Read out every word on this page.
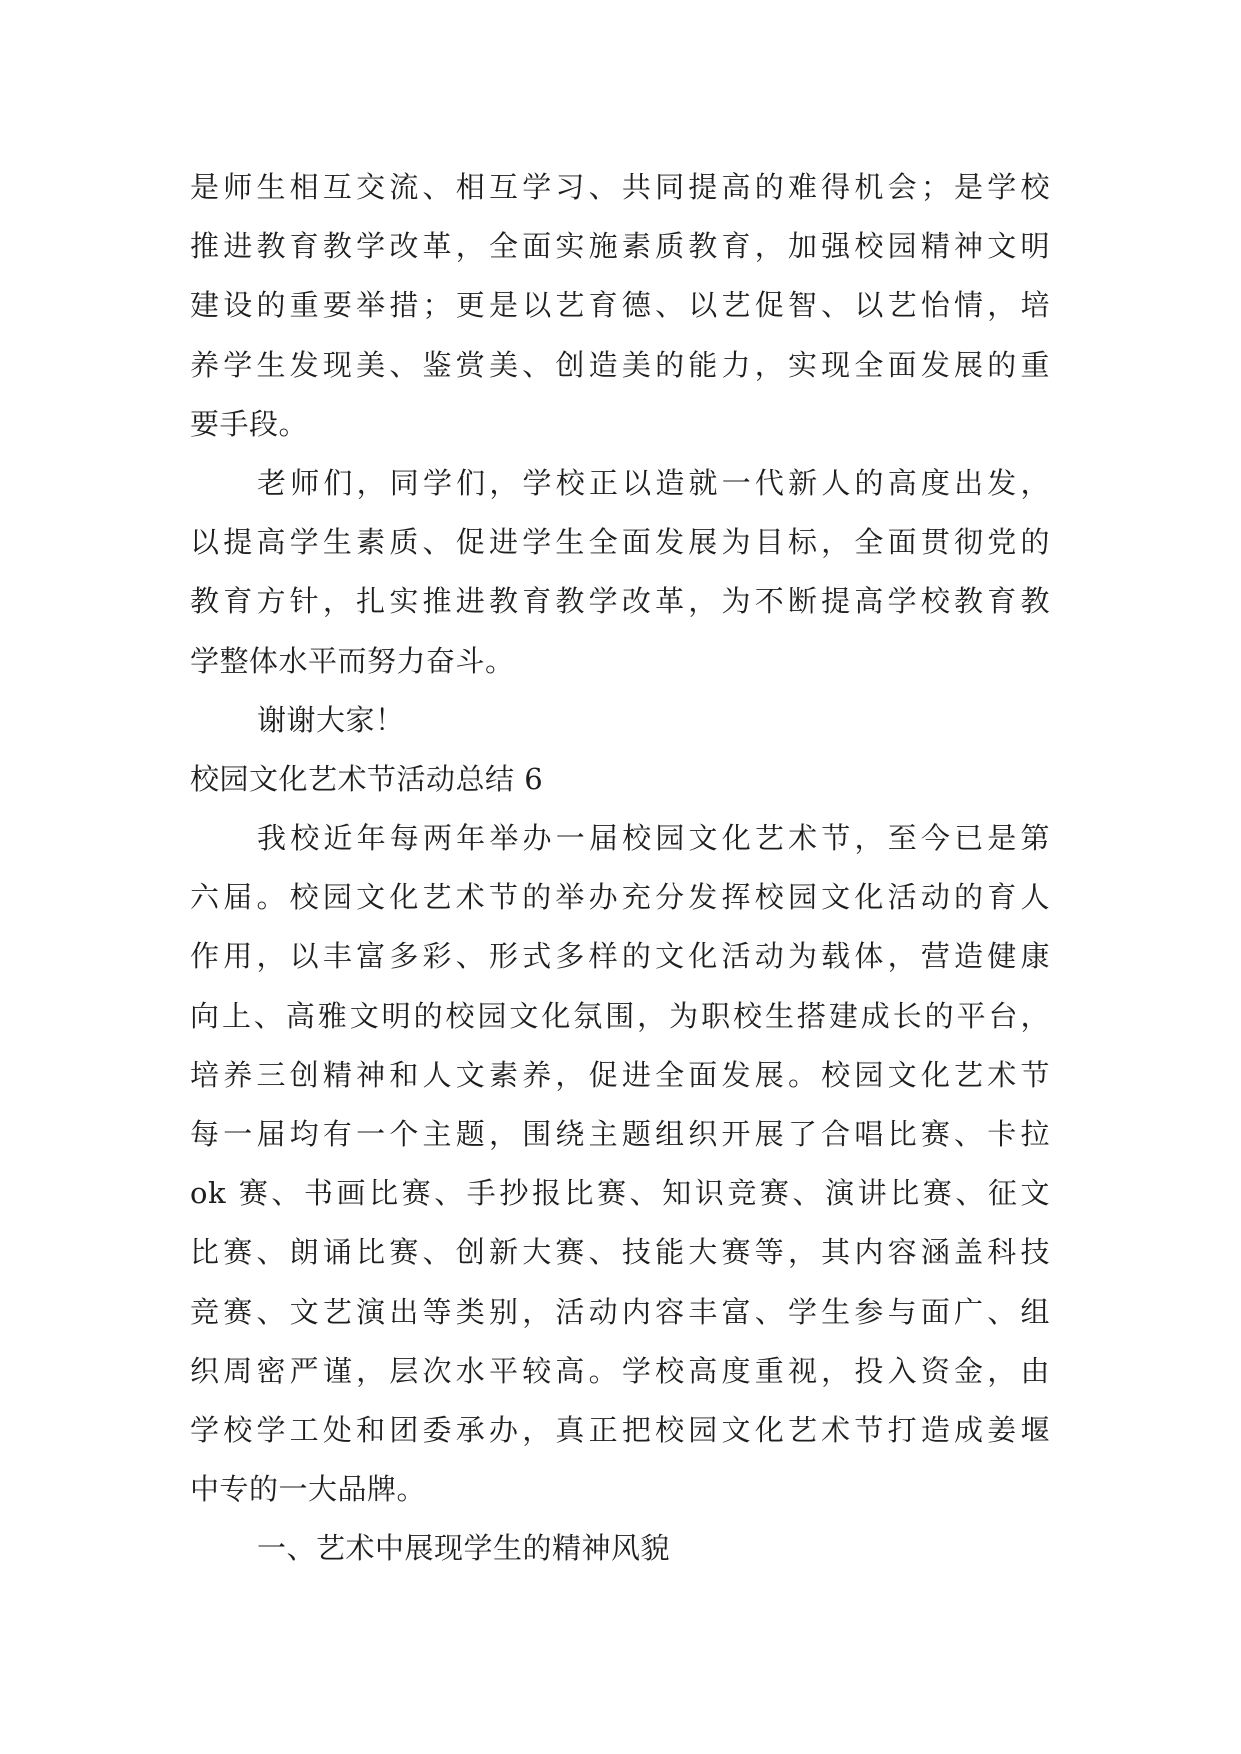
是师生相互交流、相互学习、共同提高的难得机会；是学校
推进教育教学改革，全面实施素质教育，加强校园精神文明
建设的重要举措；更是以艺育德、以艺促智、以艺怡情，培
养学生发现美、鉴赏美、创造美的能力，实现全面发展的重
要手段。
老师们，同学们，学校正以造就一代新人的高度出发，
以提高学生素质、促进学生全面发展为目标，全面贯彻党的
教育方针，扎实推进教育教学改革，为不断提高学校教育教
学整体水平而努力奋斗。
谢谢大家！
校园文化艺术节活动总结 6
我校近年每两年举办一届校园文化艺术节，至今已是第
六届。校园文化艺术节的举办充分发挥校园文化活动的育人
作用，以丰富多彩、形式多样的文化活动为载体，营造健康
向上、高雅文明的校园文化氛围，为职校生搭建成长的平台，
培养三创精神和人文素养，促进全面发展。校园文化艺术节
每一届均有一个主题，围绕主题组织开展了合唱比赛、卡拉
ok 赛、书画比赛、手抄报比赛、知识竞赛、演讲比赛、征文
比赛、朗诵比赛、创新大赛、技能大赛等，其内容涵盖科技
竞赛、文艺演出等类别，活动内容丰富、学生参与面广、组
织周密严谨，层次水平较高。学校高度重视，投入资金，由
学校学工处和团委承办，真正把校园文化艺术节打造成姜堰
中专的一大品牌。
一、艺术中展现学生的精神风貌
